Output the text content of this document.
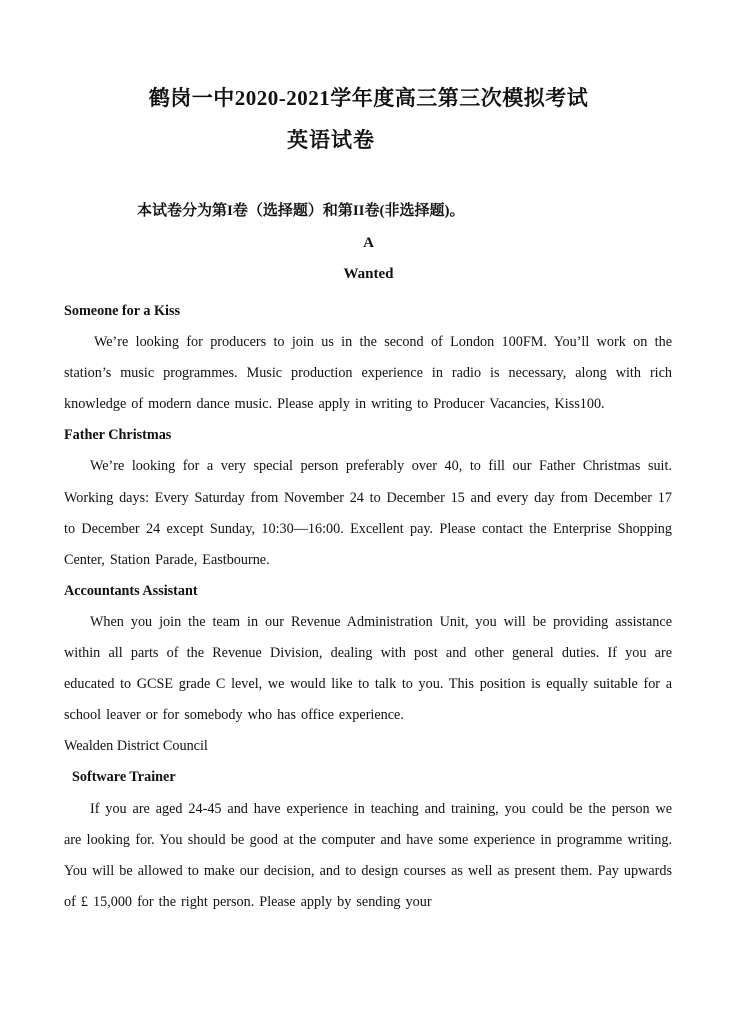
鹤岗一中2020-2021学年度高三第三次模拟考试
英语试卷
本试卷分为第I卷（选择题）和第II卷(非选择题)。
A
Wanted
Someone for a Kiss
We’re looking for producers to join us in the second of London 100FM. You’ll work on the station’s music programmes. Music production experience in radio is necessary, along with rich knowledge of modern dance music. Please apply in writing to Producer Vacancies, Kiss100.
Father Christmas
We’re looking for a very special person preferably over 40, to fill our Father Christmas suit. Working days: Every Saturday from November 24 to December 15 and every day from December 17 to December 24 except Sunday, 10:30—16:00. Excellent pay. Please contact the Enterprise Shopping Center, Station Parade, Eastbourne.
Accountants Assistant
When you join the team in our Revenue Administration Unit, you will be providing assistance within all parts of the Revenue Division, dealing with post and other general duties. If you are educated to GCSE grade C level, we would like to talk to you. This position is equally suitable for a school leaver or for somebody who has office experience.
Wealden District Council
Software Trainer
If you are aged 24-45 and have experience in teaching and training, you could be the person we are looking for. You should be good at the computer and have some experience in programme writing. You will be allowed to make our decision, and to design courses as well as present them. Pay upwards of £ 15,000 for the right person. Please apply by sending your
